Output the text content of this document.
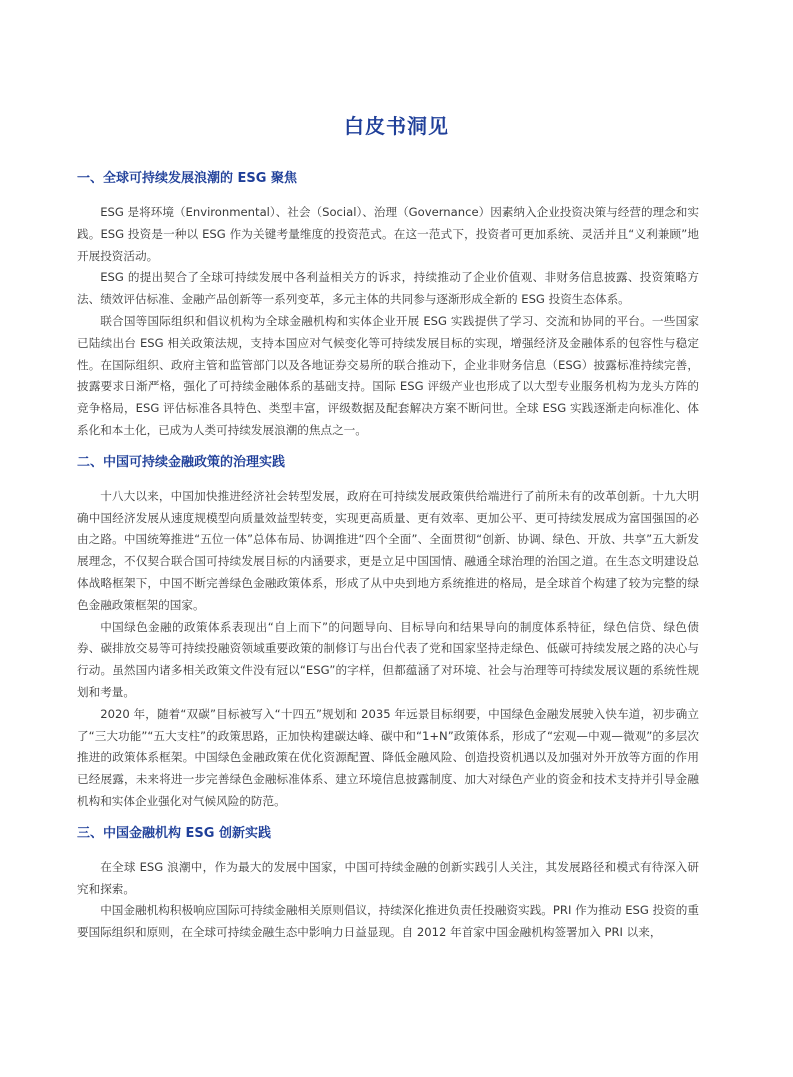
白皮书洞见
一、全球可持续发展浪潮的 ESG 聚焦

ESG 是将环境（Environmental）、社会（Social）、治理（Governance）因素纳入企业投资决策与经营的理念和实践。ESG 投资是一种以 ESG 作为关键考量维度的投资范式。在这一范式下，投资者可更加系统、灵活并且“义利兼顾”地开展投资活动。

ESG 的提出契合了全球可持续发展中各利益相关方的诉求，持续推动了企业价值观、非财务信息披露、投资策略方法、绩效评估标准、金融产品创新等一系列变革，多元主体的共同参与逐渐形成全新的 ESG 投资生态体系。

联合国等国际组织和倡议机构为全球金融机构和实体企业开展 ESG 实践提供了学习、交流和协同的平台。一些国家已陆续出台 ESG 相关政策法规，支持本国应对气候变化等可持续发展目标的实现，增强经济及金融体系的包容性与稳定性。在国际组织、政府主管和监管部门以及各地证券交易所的联合推动下，企业非财务信息（ESG）披露标准持续完善，披露要求日渐严格，强化了可持续金融体系的基础支持。国际 ESG 评级产业也形成了以大型专业服务机构为龙头方阵的竞争格局，ESG 评估标准各具特色、类型丰富，评级数据及配套解决方案不断问世。全球 ESG 实践逐渐走向标准化、体系化和本土化，已成为人类可持续发展浪潮的焦点之一。

二、中国可持续金融政策的治理实践

十八大以来，中国加快推进经济社会转型发展，政府在可持续发展政策供给端进行了前所未有的改革创新。十九大明确中国经济发展从速度规模型向质量效益型转变，实现更高质量、更有效率、更加公平、更可持续发展成为富国强国的必由之路。中国统筹推进“五位一体”总体布局、协调推进“四个全面”、全面贯彻“创新、协调、绿色、开放、共享”五大新发展理念，不仅契合联合国可持续发展目标的内涵要求，更是立足中国国情、融通全球治理的治国之道。在生态文明建设总体战略框架下，中国不断完善绿色金融政策体系，形成了从中央到地方系统推进的格局，是全球首个构建了较为完整的绿色金融政策框架的国家。

中国绿色金融的政策体系表现出“自上而下”的问题导向、目标导向和结果导向的制度体系特征，绿色信贷、绿色债券、碳排放交易等可持续投融资领域重要政策的制修订与出台代表了党和国家坚持走绿色、低碳可持续发展之路的决心与行动。虽然国内诸多相关政策文件没有冠以“ESG”的字样，但都蕴涵了对环境、社会与治理等可持续发展议题的系统性规划和考量。

2020 年，随着“双碳”目标被写入“十四五”规划和 2035 年远景目标纲要，中国绿色金融发展驶入快车道，初步确立了“三大功能”“五大支柱”的政策思路，正加快构建碳达峰、碳中和“1+N”政策体系，形成了“宏观—中观—微观”的多层次推进的政策体系框架。中国绿色金融政策在优化资源配置、降低金融风险、创造投资机遇以及加强对外开放等方面的作用已经展露，未来将进一步完善绿色金融标准体系、建立环境信息披露制度、加大对绿色产业的资金和技术支持并引导金融机构和实体企业强化对气候风险的防范。

三、中国金融机构 ESG 创新实践

在全球 ESG 浪潮中，作为最大的发展中国家，中国可持续金融的创新实践引人关注，其发展路径和模式有待深入研究和探索。

中国金融机构积极响应国际可持续金融相关原则倡议，持续深化推进负责任投融资实践。PRI 作为推动 ESG 投资的重要国际组织和原则，在全球可持续金融生态中影响力日益显现。自 2012 年首家中国金融机构签署加入 PRI 以来，
